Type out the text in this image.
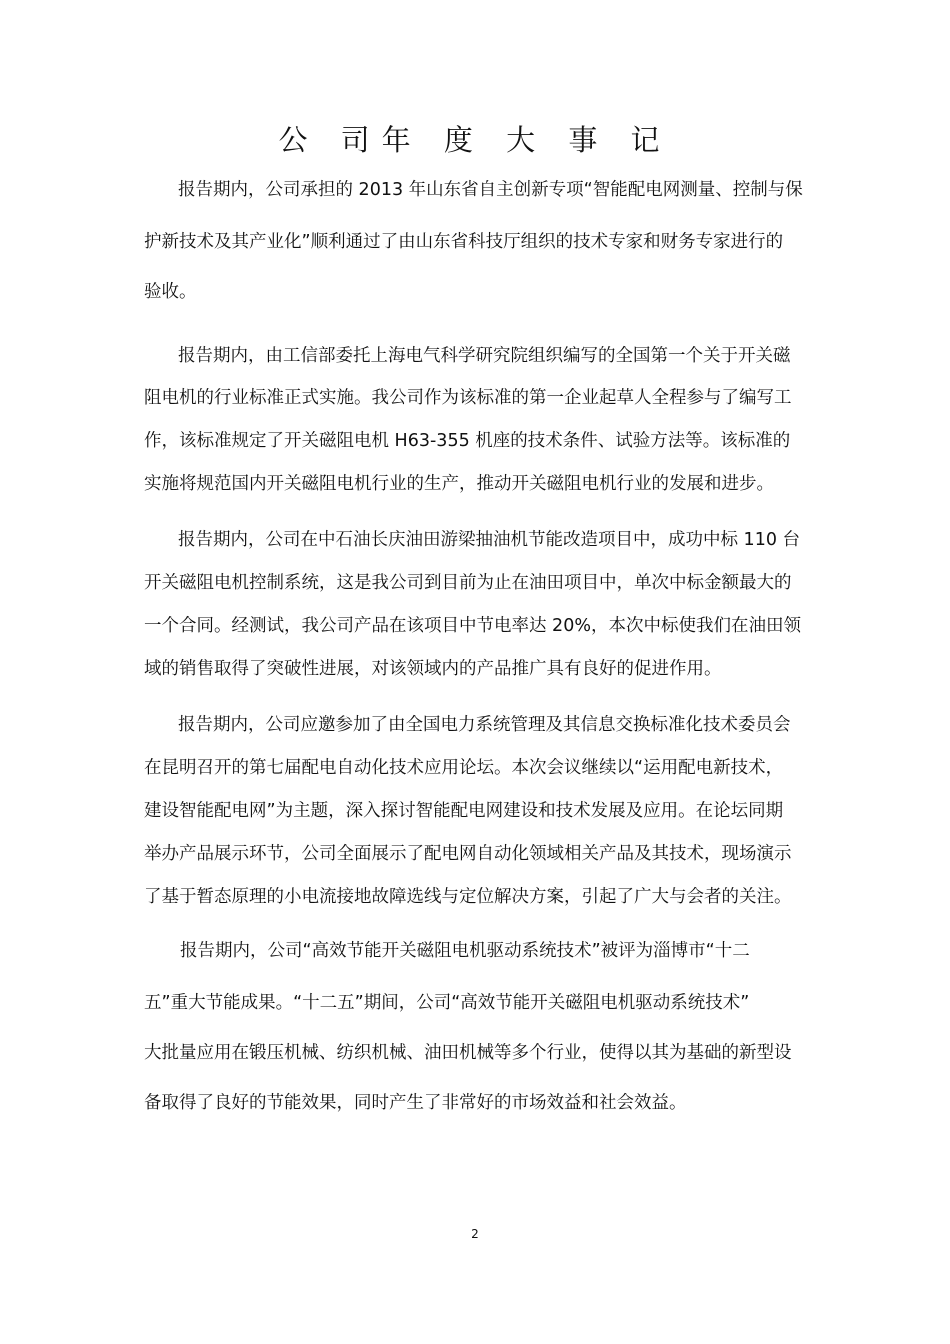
公 司年 度 大 事 记
报告期内，公司承担的 2013 年山东省自主创新专项“智能配电网测量、控制与保
护新技术及其产业化”顺利通过了由山东省科技厅组织的技术专家和财务专家进行的
验收。
报告期内，由工信部委托上海电气科学研究院组织编写的全国第一个关于开关磁
阻电机的行业标准正式实施。我公司作为该标准的第一企业起草人全程参与了编写工
作，该标准规定了开关磁阻电机 H63-355 机座的技术条件、试验方法等。该标准的
实施将规范国内开关磁阻电机行业的生产，推动开关磁阻电机行业的发展和进步。
报告期内，公司在中石油长庆油田游梁抽油机节能改造项目中，成功中标 110 台
开关磁阻电机控制系统，这是我公司到目前为止在油田项目中，单次中标金额最大的
一个合同。经测试，我公司产品在该项目中节电率达 20%，本次中标使我们在油田领
域的销售取得了突破性进展，对该领域内的产品推广具有良好的促进作用。
报告期内，公司应邀参加了由全国电力系统管理及其信息交换标准化技术委员会
在昆明召开的第七届配电自动化技术应用论坛。本次会议继续以“运用配电新技术，
建设智能配电网”为主题，深入探讨智能配电网建设和技术发展及应用。在论坛同期
举办产品展示环节，公司全面展示了配电网自动化领域相关产品及其技术，现场演示
了基于暂态原理的小电流接地故障选线与定位解决方案，引起了广大与会者的关注。
报告期内，公司“高效节能开关磁阻电机驱动系统技术”被评为淄博市“十二
五”重大节能成果。“十二五”期间，公司“高效节能开关磁阻电机驱动系统技术”
大批量应用在锻压机械、纺织机械、油田机械等多个行业，使得以其为基础的新型设
备取得了良好的节能效果，同时产生了非常好的市场效益和社会效益。
2
